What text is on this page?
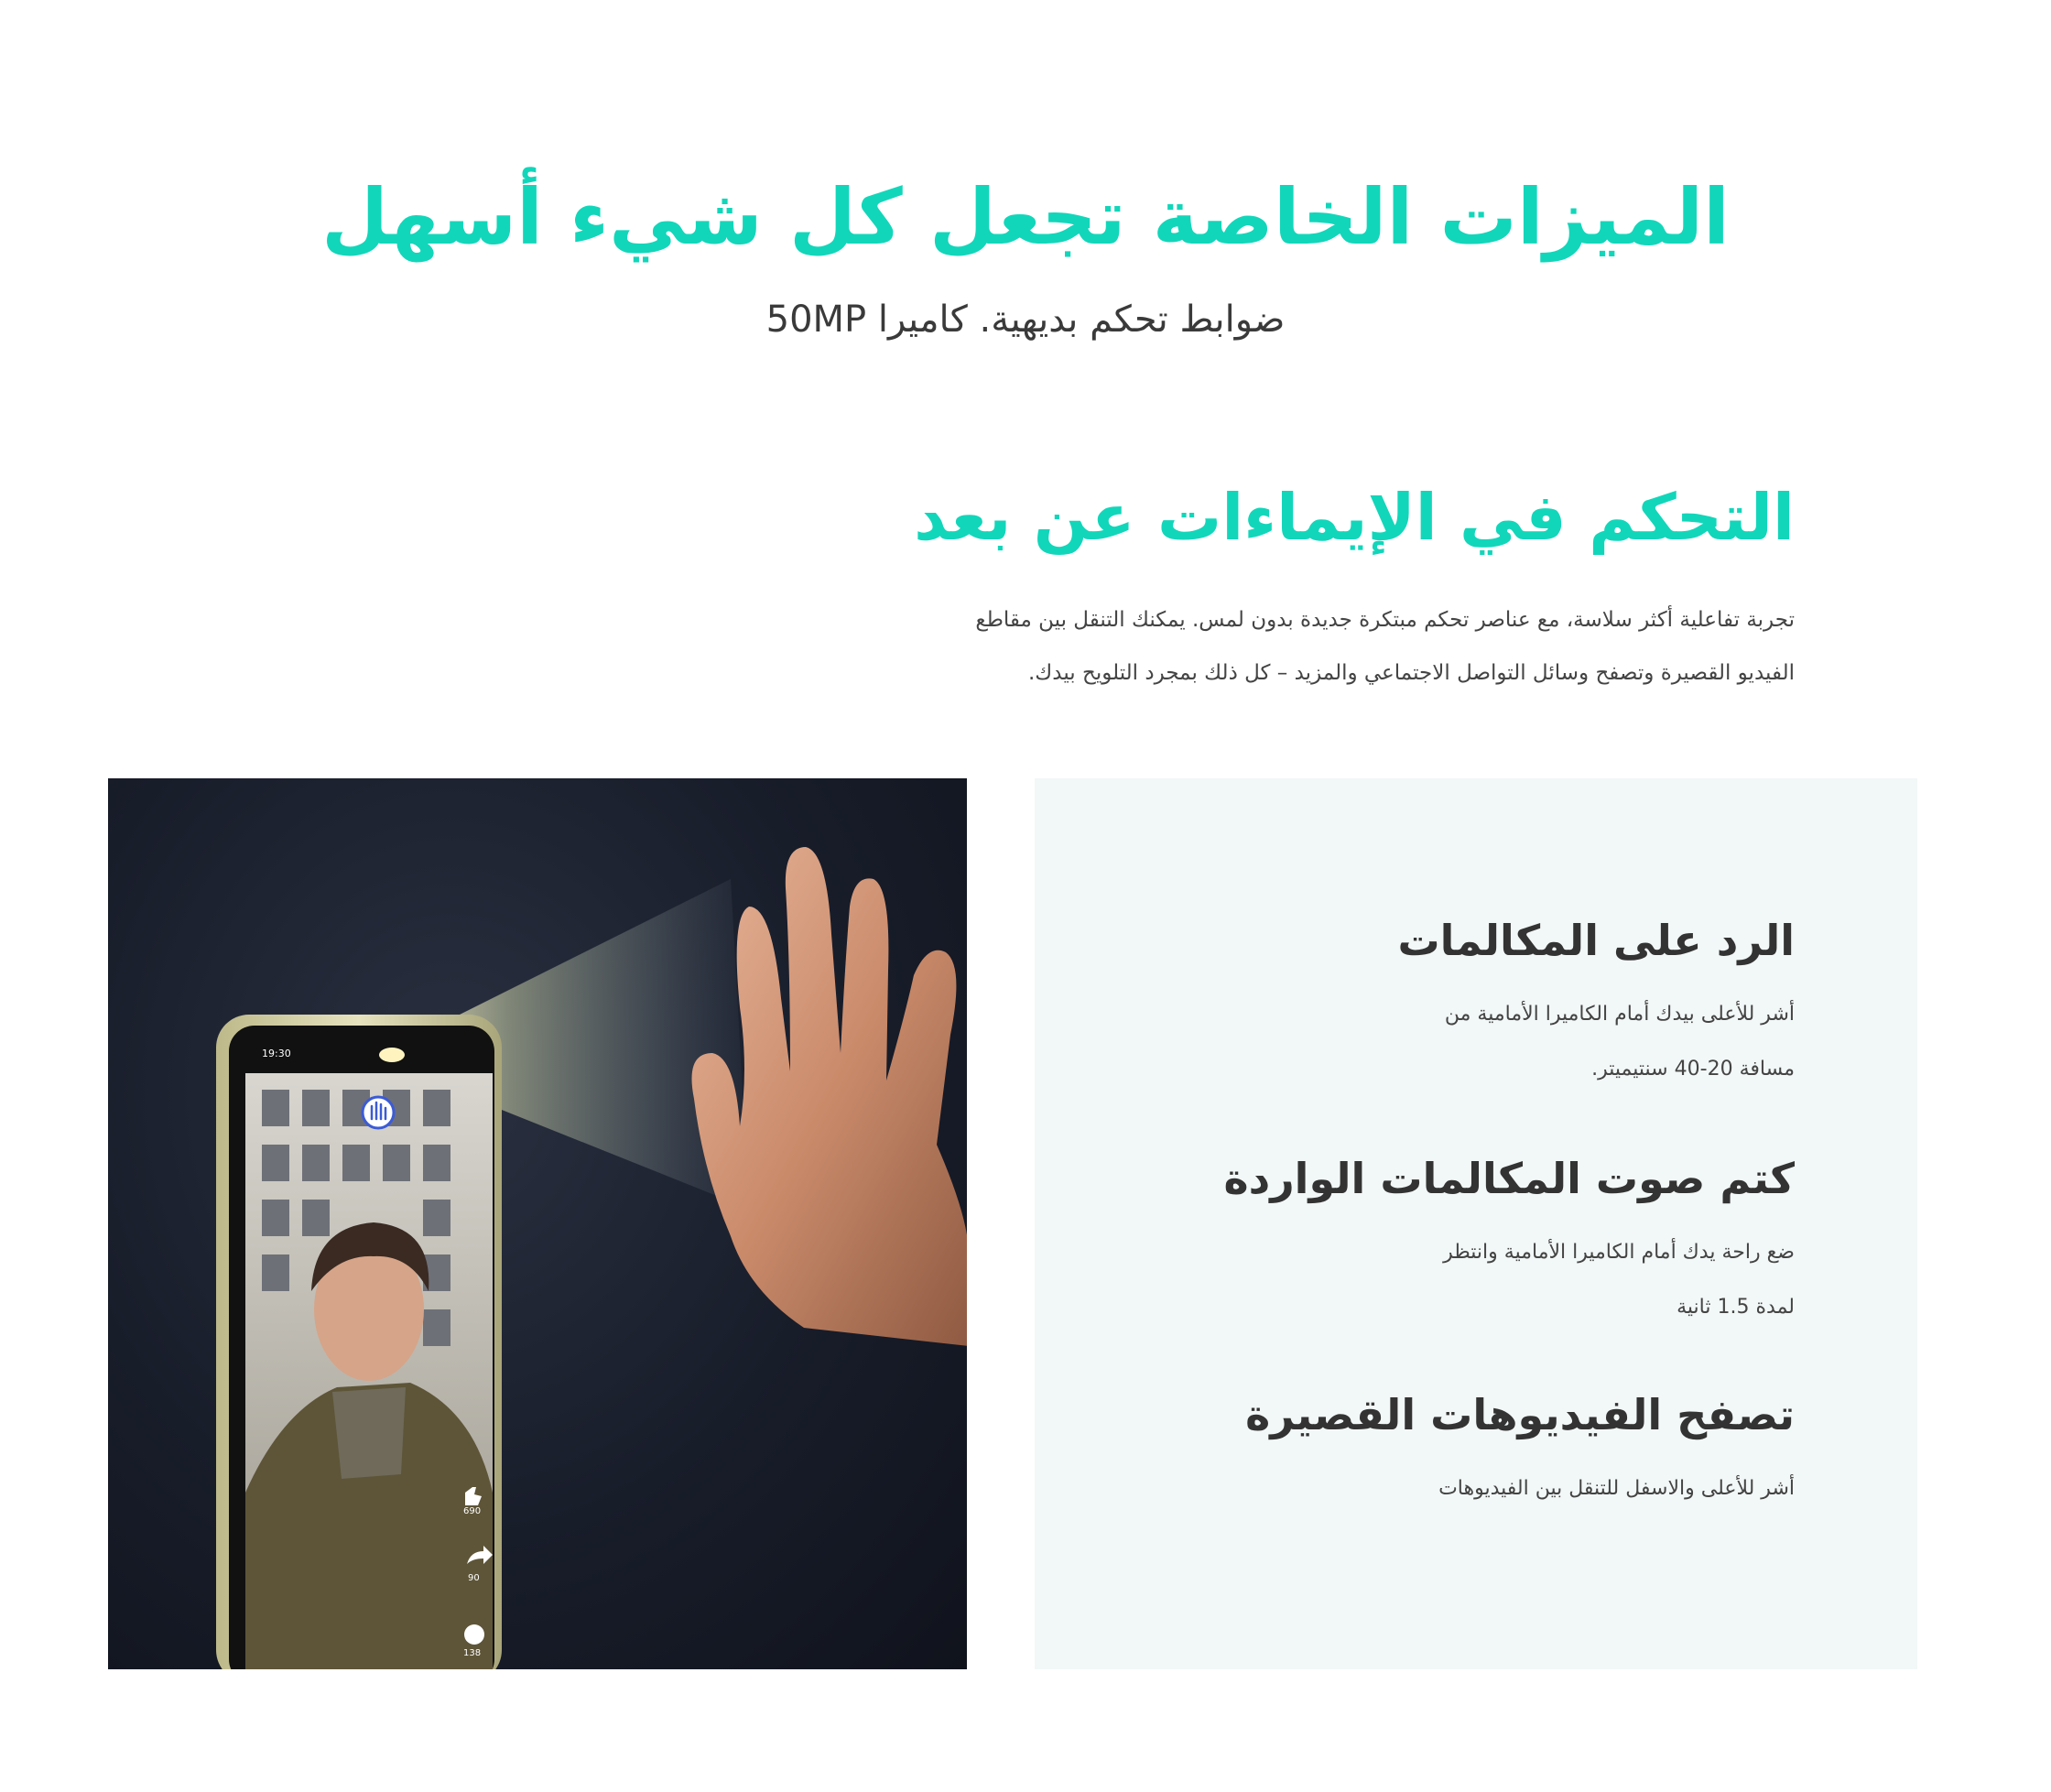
الميزات الخاصة تجعل كل شيء أسهل

ضوابط تحكم بديهية. كاميرا 50MP

التحكم في الإيماءات عن بعد
تجربة تفاعلية أكثر سلاسة، مع عناصر تحكم مبتكرة جديدة بدون لمس. يمكنك التنقل بين مقاطع
الفيديو القصيرة وتصفح وسائل التواصل الاجتماعي والمزيد – كل ذلك بمجرد التلويح بيدك.
19:30
690
90
138
الرد على المكالمات

أشر للأعلى بيدك أمام الكاميرا الأمامية من
مسافة 20-40 سنتيميتر.

كتم صوت المكالمات الواردة

ضع راحة يدك أمام الكاميرا الأمامية وانتظر
لمدة 1.5 ثانية

تصفح الفيديوهات القصيرة

أشر للأعلى والاسفل للتنقل بين الفيديوهات
